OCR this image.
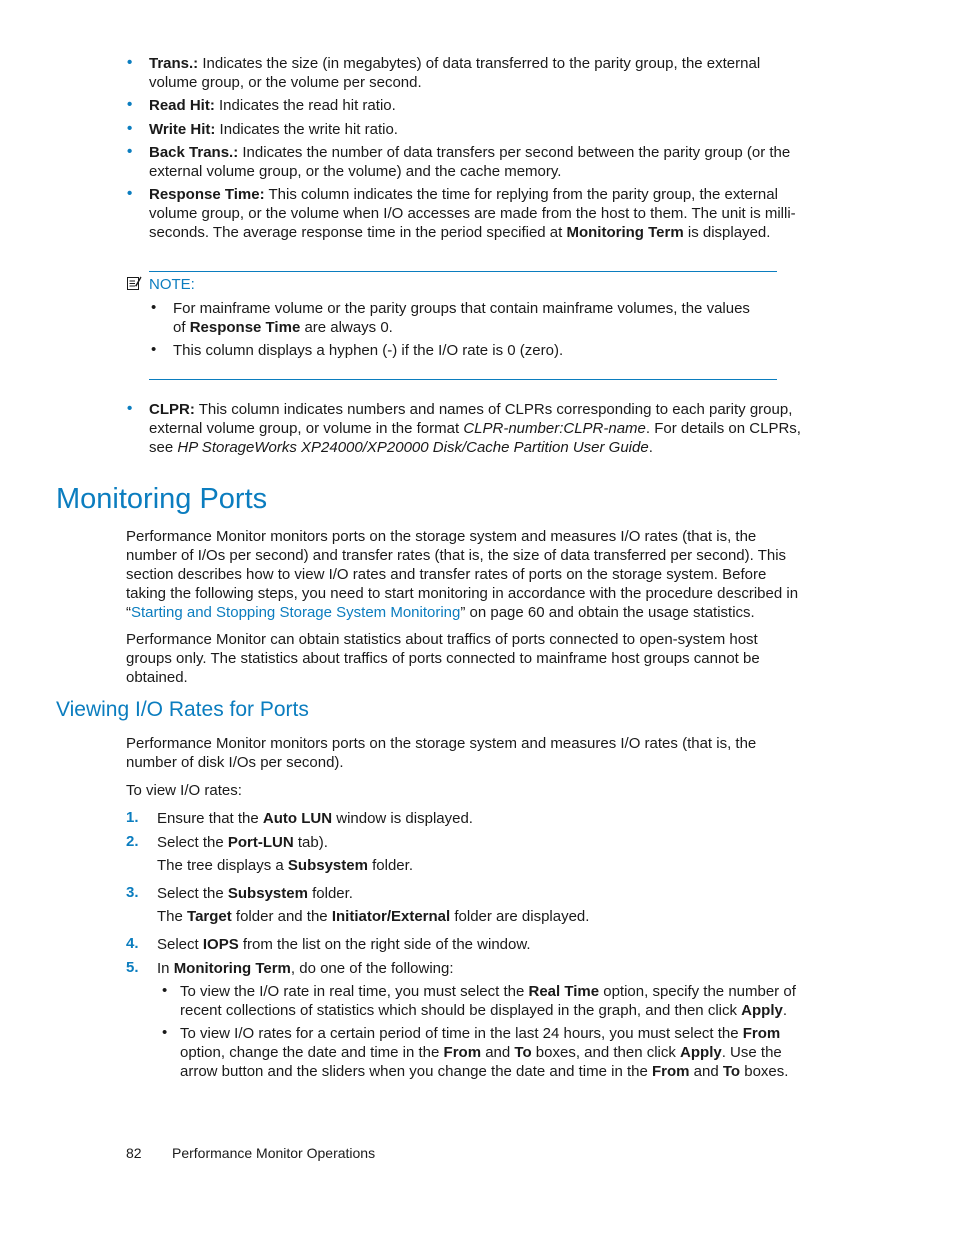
• Trans.: Indicates the size (in megabytes) of data transferred to the parity group, the external volume group, or the volume per second.
• Read Hit: Indicates the read hit ratio.
• Write Hit: Indicates the write hit ratio.
• Back Trans.: Indicates the number of data transfers per second between the parity group (or the external volume group, or the volume) and the cache memory.
• Response Time: This column indicates the time for replying from the parity group, the external volume group, or the volume when I/O accesses are made from the host to them. The unit is milli-seconds. The average response time in the period specified at Monitoring Term is displayed.
NOTE:
• For mainframe volume or the parity groups that contain mainframe volumes, the values of Response Time are always 0.
• This column displays a hyphen (-) if the I/O rate is 0 (zero).
• CLPR: This column indicates numbers and names of CLPRs corresponding to each parity group, external volume group, or volume in the format CLPR-number:CLPR-name. For details on CLPRs, see HP StorageWorks XP24000/XP20000 Disk/Cache Partition User Guide.
Monitoring Ports
Performance Monitor monitors ports on the storage system and measures I/O rates (that is, the number of I/Os per second) and transfer rates (that is, the size of data transferred per second). This section describes how to view I/O rates and transfer rates of ports on the storage system. Before taking the following steps, you need to start monitoring in accordance with the procedure described in “Starting and Stopping Storage System Monitoring” on page 60 and obtain the usage statistics.
Performance Monitor can obtain statistics about traffics of ports connected to open-system host groups only. The statistics about traffics of ports connected to mainframe host groups cannot be obtained.
Viewing I/O Rates for Ports
Performance Monitor monitors ports on the storage system and measures I/O rates (that is, the number of disk I/Os per second).
To view I/O rates:
1. Ensure that the Auto LUN window is displayed.
2. Select the Port-LUN tab).
The tree displays a Subsystem folder.
3. Select the Subsystem folder.
The Target folder and the Initiator/External folder are displayed.
4. Select IOPS from the list on the right side of the window.
5. In Monitoring Term, do one of the following:
• To view the I/O rate in real time, you must select the Real Time option, specify the number of recent collections of statistics which should be displayed in the graph, and then click Apply.
• To view I/O rates for a certain period of time in the last 24 hours, you must select the From option, change the date and time in the From and To boxes, and then click Apply. Use the arrow button and the sliders when you change the date and time in the From and To boxes.
82 Performance Monitor Operations
